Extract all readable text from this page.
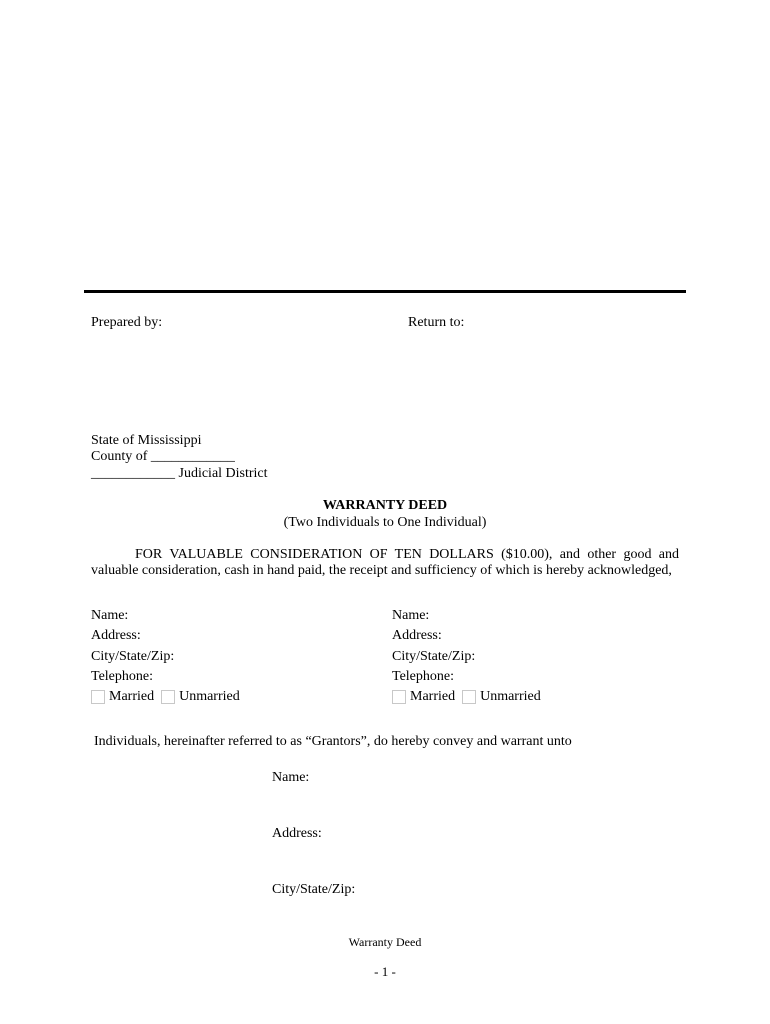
Prepared by:	Return to:
State of Mississippi
County of ____________
____________ Judicial District
WARRANTY DEED
(Two Individuals to One Individual)
FOR VALUABLE CONSIDERATION OF TEN DOLLARS ($10.00), and other good and valuable consideration, cash in hand paid, the receipt and sufficiency of which is hereby acknowledged,
Name:
Address:
City/State/Zip:
Telephone:
Married Unmarried
Name:
Address:
City/State/Zip:
Telephone:
Married Unmarried
Individuals, hereinafter referred to as “Grantors”, do hereby convey and warrant unto
Name:
Address:
City/State/Zip:
Warranty Deed
- 1 -
